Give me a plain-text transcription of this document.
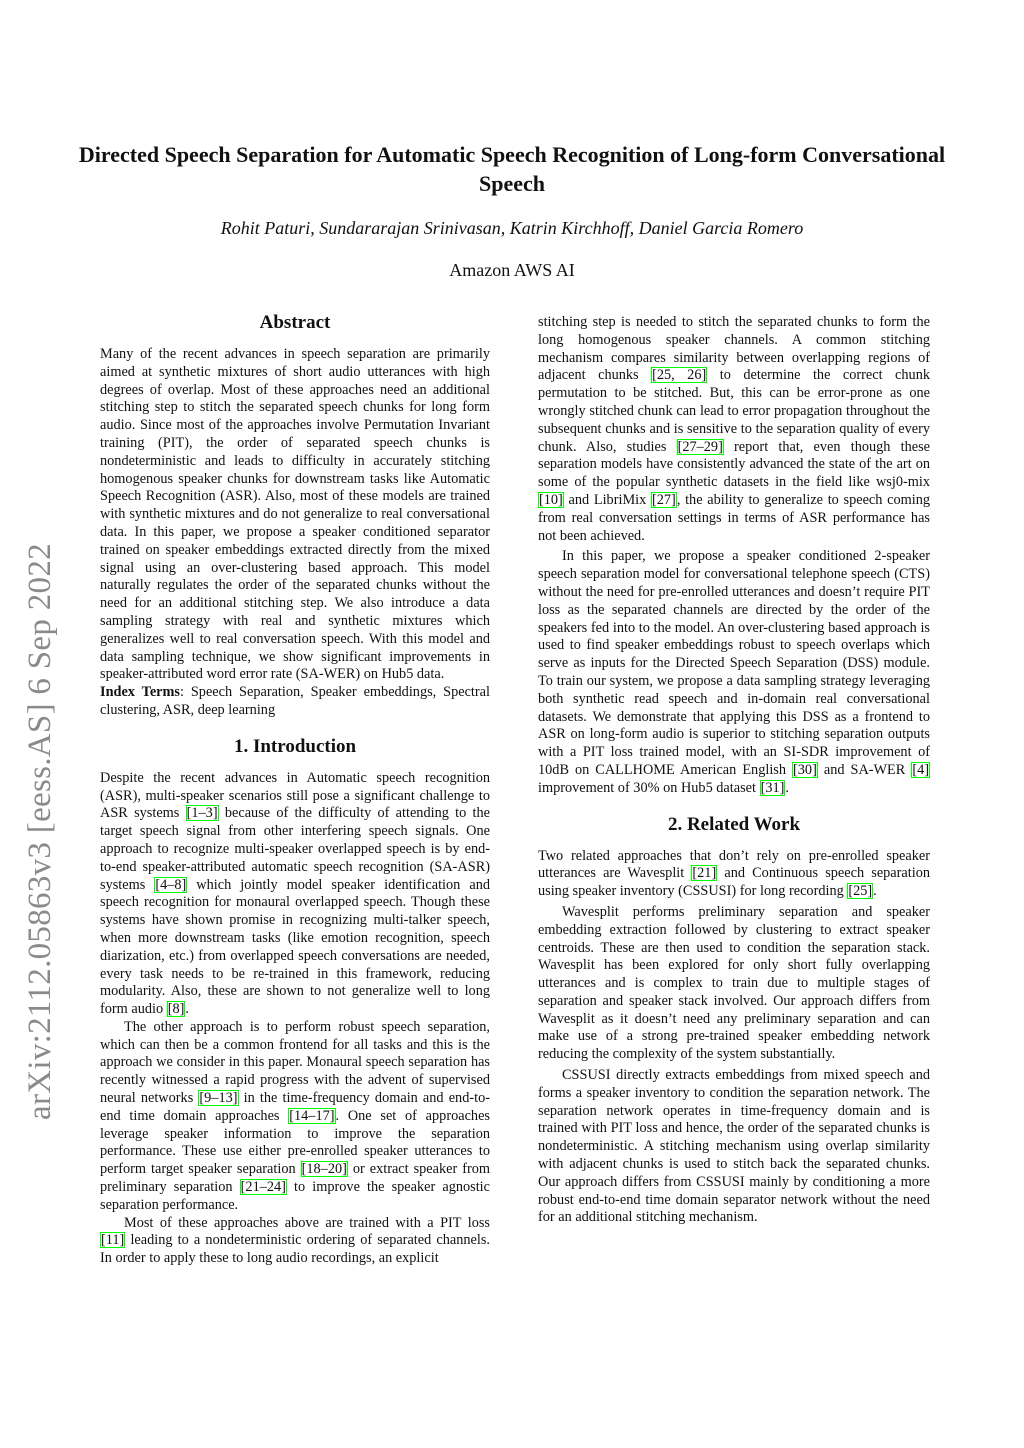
Directed Speech Separation for Automatic Speech Recognition of Long-form Conversational Speech
Rohit Paturi, Sundararajan Srinivasan, Katrin Kirchhoff, Daniel Garcia Romero
Amazon AWS AI
arXiv:2112.05863v3 [eess.AS] 6 Sep 2022
Abstract

Many of the recent advances in speech separation are primarily aimed at synthetic mixtures of short audio utterances with high degrees of overlap. Most of these approaches need an additional stitching step to stitch the separated speech chunks for long form audio. Since most of the approaches involve Permutation Invariant training (PIT), the order of separated speech chunks is nondeterministic and leads to difficulty in accurately stitching homogenous speaker chunks for downstream tasks like Automatic Speech Recognition (ASR). Also, most of these models are trained with synthetic mixtures and do not generalize to real conversational data. In this paper, we propose a speaker conditioned separator trained on speaker embeddings extracted directly from the mixed signal using an over-clustering based approach. This model naturally regulates the order of the separated chunks without the need for an additional stitching step. We also introduce a data sampling strategy with real and synthetic mixtures which generalizes well to real conversation speech. With this model and data sampling technique, we show significant improvements in speaker-attributed word error rate (SA-WER) on Hub5 data.

Index Terms: Speech Separation, Speaker embeddings, Spectral clustering, ASR, deep learning

1. Introduction

Despite the recent advances in Automatic speech recognition (ASR), multi-speaker scenarios still pose a significant challenge to ASR systems [1–3] because of the difficulty of attending to the target speech signal from other interfering speech signals. One approach to recognize multi-speaker overlapped speech is by end-to-end speaker-attributed automatic speech recognition (SA-ASR) systems [4–8] which jointly model speaker identification and speech recognition for monaural overlapped speech. Though these systems have shown promise in recognizing multi-talker speech, when more downstream tasks (like emotion recognition, speech diarization, etc.) from overlapped speech conversations are needed, every task needs to be re-trained in this framework, reducing modularity. Also, these are shown to not generalize well to long form audio [8].

The other approach is to perform robust speech separation, which can then be a common frontend for all tasks and this is the approach we consider in this paper. Monaural speech separation has recently witnessed a rapid progress with the advent of supervised neural networks [9–13] in the time-frequency domain and end-to-end time domain approaches [14–17]. One set of approaches leverage speaker information to improve the separation performance. These use either pre-enrolled speaker utterances to perform target speaker separation [18–20] or extract speaker from preliminary separation [21–24] to improve the speaker agnostic separation performance.

Most of these approaches above are trained with a PIT loss [11] leading to a nondeterministic ordering of separated channels. In order to apply these to long audio recordings, an explicit

stitching step is needed to stitch the separated chunks to form the long homogenous speaker channels. A common stitching mechanism compares similarity between overlapping regions of adjacent chunks [25, 26] to determine the correct chunk permutation to be stitched. But, this can be error-prone as one wrongly stitched chunk can lead to error propagation throughout the subsequent chunks and is sensitive to the separation quality of every chunk. Also, studies [27–29] report that, even though these separation models have consistently advanced the state of the art on some of the popular synthetic datasets in the field like wsj0-mix [10] and LibriMix [27], the ability to generalize to speech coming from real conversation settings in terms of ASR performance has not been achieved.

In this paper, we propose a speaker conditioned 2-speaker speech separation model for conversational telephone speech (CTS) without the need for pre-enrolled utterances and doesn’t require PIT loss as the separated channels are directed by the order of the speakers fed into to the model. An over-clustering based approach is used to find speaker embeddings robust to speech overlaps which serve as inputs for the Directed Speech Separation (DSS) module. To train our system, we propose a data sampling strategy leveraging both synthetic read speech and in-domain real conversational datasets. We demonstrate that applying this DSS as a frontend to ASR on long-form audio is superior to stitching separation outputs with a PIT loss trained model, with an SI-SDR improvement of 10dB on CALLHOME American English [30] and SA-WER [4] improvement of 30% on Hub5 dataset [31].

2. Related Work

Two related approaches that don’t rely on pre-enrolled speaker utterances are Wavesplit [21] and Continuous speech separation using speaker inventory (CSSUSI) for long recording [25].

Wavesplit performs preliminary separation and speaker embedding extraction followed by clustering to extract speaker centroids. These are then used to condition the separation stack. Wavesplit has been explored for only short fully overlapping utterances and is complex to train due to multiple stages of separation and speaker stack involved. Our approach differs from Wavesplit as it doesn’t need any preliminary separation and can make use of a strong pre-trained speaker embedding network reducing the complexity of the system substantially.

CSSUSI directly extracts embeddings from mixed speech and forms a speaker inventory to condition the separation network. The separation network operates in time-frequency domain and is trained with PIT loss and hence, the order of the separated chunks is nondeterministic. A stitching mechanism using overlap similarity with adjacent chunks is used to stitch back the separated chunks. Our approach differs from CSSUSI mainly by conditioning a more robust end-to-end time domain separator network without the need for an additional stitching mechanism.
